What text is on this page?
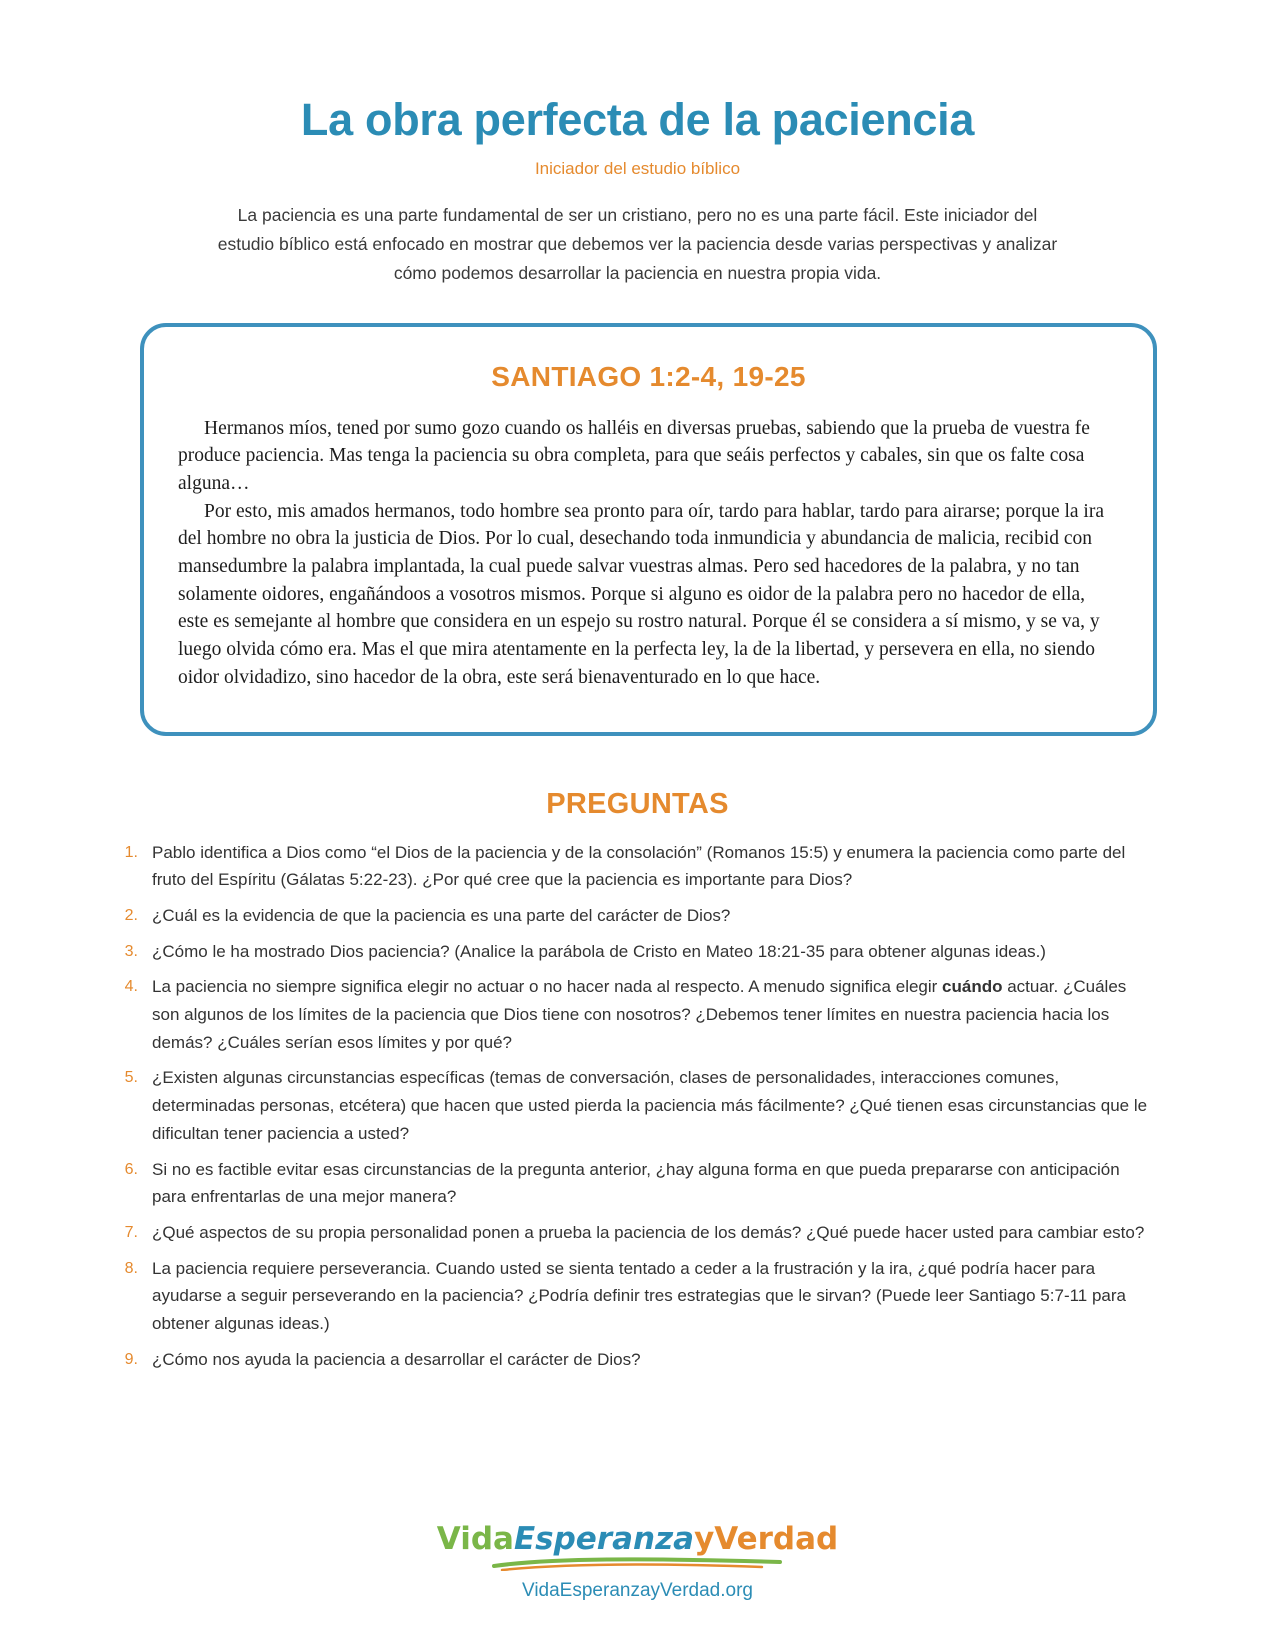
La obra perfecta de la paciencia
Iniciador del estudio bíblico

La paciencia es una parte fundamental de ser un cristiano, pero no es una parte fácil. Este iniciador del estudio bíblico está enfocado en mostrar que debemos ver la paciencia desde varias perspectivas y analizar cómo podemos desarrollar la paciencia en nuestra propia vida.

SANTIAGO 1:2-4, 19-25

Hermanos míos, tened por sumo gozo cuando os halléis en diversas pruebas, sabiendo que la prueba de vuestra fe produce paciencia. Mas tenga la paciencia su obra completa, para que seáis perfectos y cabales, sin que os falte cosa alguna…

Por esto, mis amados hermanos, todo hombre sea pronto para oír, tardo para hablar, tardo para airarse; porque la ira del hombre no obra la justicia de Dios. Por lo cual, desechando toda inmundicia y abundancia de malicia, recibid con mansedumbre la palabra implantada, la cual puede salvar vuestras almas. Pero sed hacedores de la palabra, y no tan solamente oidores, engañándoos a vosotros mismos. Porque si alguno es oidor de la palabra pero no hacedor de ella, este es semejante al hombre que considera en un espejo su rostro natural. Porque él se considera a sí mismo, y se va, y luego olvida cómo era. Mas el que mira atentamente en la perfecta ley, la de la libertad, y persevera en ella, no siendo oidor olvidadizo, sino hacedor de la obra, este será bienaventurado en lo que hace.

PREGUNTAS
Pablo identifica a Dios como “el Dios de la paciencia y de la consolación” (Romanos 15:5) y enumera la paciencia como parte del fruto del Espíritu (Gálatas 5:22-23). ¿Por qué cree que la paciencia es importante para Dios?
¿Cuál es la evidencia de que la paciencia es una parte del carácter de Dios?
¿Cómo le ha mostrado Dios paciencia? (Analice la parábola de Cristo en Mateo 18:21-35 para obtener algunas ideas.)
La paciencia no siempre significa elegir no actuar o no hacer nada al respecto. A menudo significa elegir cuándo actuar. ¿Cuáles son algunos de los límites de la paciencia que Dios tiene con nosotros? ¿Debemos tener límites en nuestra paciencia hacia los demás? ¿Cuáles serían esos límites y por qué?
¿Existen algunas circunstancias específicas (temas de conversación, clases de personalidades, interacciones comunes, determinadas personas, etcétera) que hacen que usted pierda la paciencia más fácilmente? ¿Qué tienen esas circunstancias que le dificultan tener paciencia a usted?
Si no es factible evitar esas circunstancias de la pregunta anterior, ¿hay alguna forma en que pueda prepararse con anticipación para enfrentarlas de una mejor manera?
¿Qué aspectos de su propia personalidad ponen a prueba la paciencia de los demás? ¿Qué puede hacer usted para cambiar esto?
La paciencia requiere perseverancia. Cuando usted se sienta tentado a ceder a la frustración y la ira, ¿qué podría hacer para ayudarse a seguir perseverando en la paciencia? ¿Podría definir tres estrategias que le sirvan? (Puede leer Santiago 5:7-11 para obtener algunas ideas.)
¿Cómo nos ayuda la paciencia a desarrollar el carácter de Dios?
VidaEsperanzayVerdad
VidaEsperanzayVerdad.org
